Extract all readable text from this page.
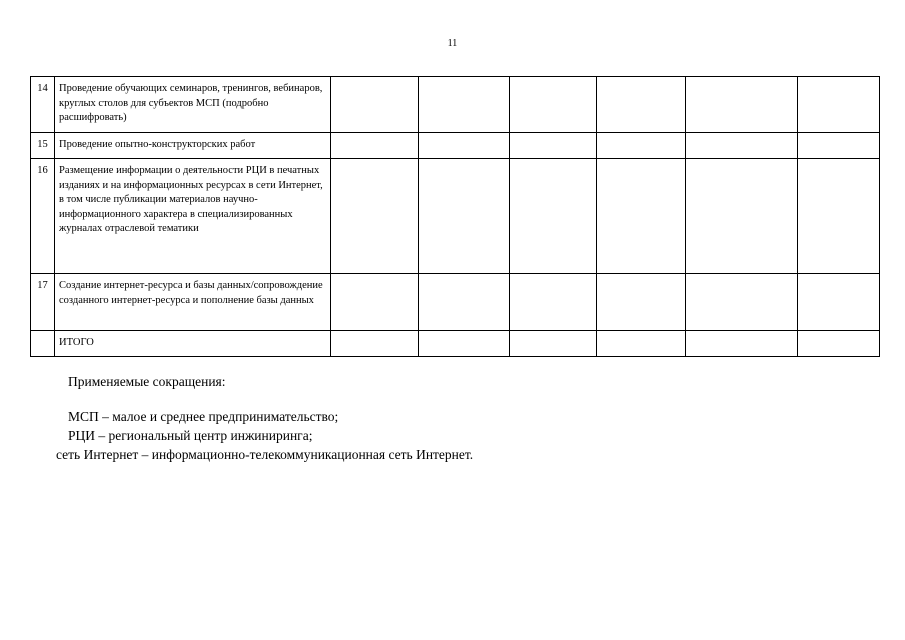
11
14	Проведение обучающих семинаров, тренингов, вебинаров, круглых столов для субъектов МСП (подробно расшифровать)						
15	Проведение опытно-конструкторских работ						
16	Размещение информации о деятельности РЦИ в печатных изданиях и на информационных ресурсах в сети Интернет, в том числе публикации материалов научно-информационного характера в специализированных журналах отраслевой тематики						
17	Создание интернет-ресурса и базы данных/сопровождение созданного интернет-ресурса и пополнение базы данных						
	ИТОГО						
Применяемые сокращения:
МСП – малое и среднее предпринимательство;
РЦИ – региональный центр инжиниринга;
сеть Интернет – информационно-телекоммуникационная сеть Интернет.
